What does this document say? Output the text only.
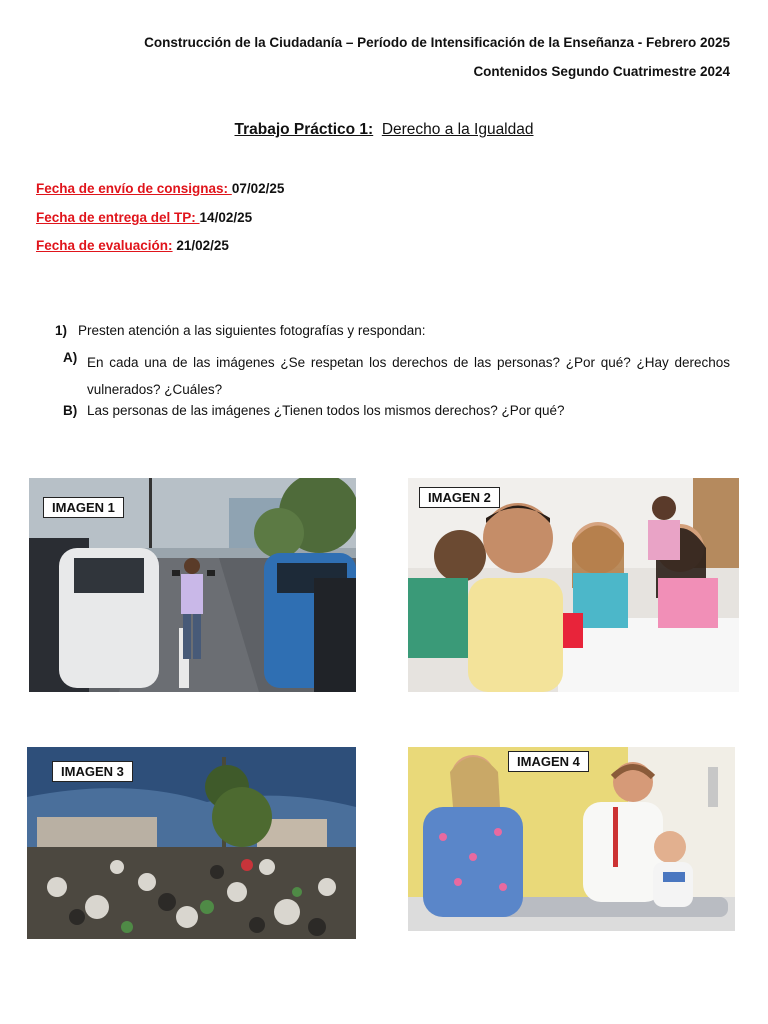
Construcción de la Ciudadanía – Período de Intensificación de la Enseñanza - Febrero 2025
Contenidos Segundo Cuatrimestre 2024
Trabajo Práctico 1: Derecho a la Igualdad
Fecha de envío de consignas: 07/02/25
Fecha de entrega del TP: 14/02/25
Fecha de evaluación: 21/02/25
1) Presten atención a las siguientes fotografías y respondan:
A) En cada una de las imágenes ¿Se respetan los derechos de las personas? ¿Por qué? ¿Hay derechos vulnerados? ¿Cuáles?
B) Las personas de las imágenes ¿Tienen todos los mismos derechos? ¿Por qué?
IMAGEN 1
IMAGEN 2
IMAGEN 3
IMAGEN 4
